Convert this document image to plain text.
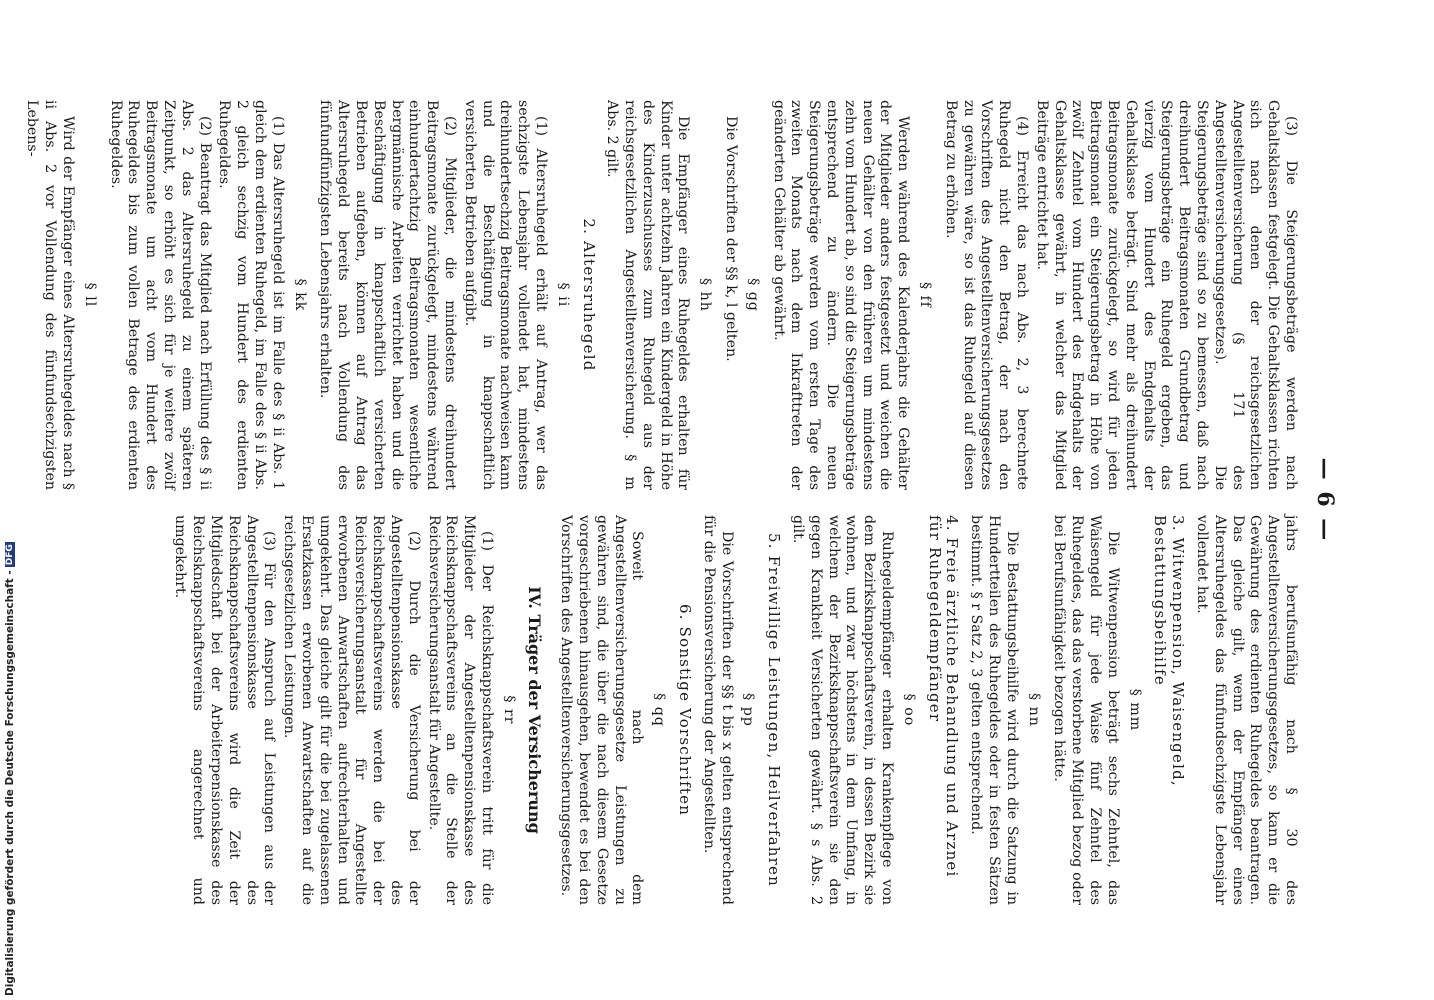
— 6 —

(3) Die Steigerungsbeträge werden nach Gehaltsklassen festgelegt. Die Gehaltsklassen richten sich nach denen der reichsgesetzlichen Angestelltenversicherung (§ 171 des Angestelltenversicherungsgesetzes). Die Steigerungsbeträge sind so zu bemessen, daß nach dreihundert Beitragsmonaten Grundbetrag und Steigerungsbeträge ein Ruhegeld ergeben, das vierzig vom Hundert des Endgehalts der Gehaltsklasse beträgt. Sind mehr als dreihundert Beitragsmonate zurückgelegt, so wird für jeden Beitragsmonat ein Steigerungsbetrag in Höhe von zwölf Zehntel vom Hundert des Endgehalts der Gehaltsklasse gewährt, in welcher das Mitglied Beiträge entrichtet hat.

(4) Erreicht das nach Abs. 2, 3 berechnete Ruhegeld nicht den Betrag, der nach den Vorschriften des Angestelltenversicherungsgesetzes zu gewähren wäre, so ist das Ruhegeld auf diesen Betrag zu erhöhen.

§ ff

Werden während des Kalenderjahrs die Gehälter der Mitglieder anders festgesetzt und weichen die neuen Gehälter von den früheren um mindestens zehn vom Hundert ab, so sind die Steigerungsbeträge entsprechend zu ändern. Die neuen Steigerungsbeträge werden vom ersten Tage des zweiten Monats nach dem Inkrafttreten der geänderten Gehälter ab gewährt.

§ gg

Die Vorschriften der §§ k, l gelten.

§ hh

Die Empfänger eines Ruhegeldes erhalten für Kinder unter achtzehn Jahren ein Kindergeld in Höhe des Kinderzuschusses zum Ruhegeld aus der reichsgesetzlichen Angestelltenversicherung. § m Abs. 2 gilt.

2. Altersruhegeld
§ ii

(1) Altersruhegeld erhält auf Antrag, wer das sechzigste Lebensjahr vollendet hat, mindestens dreihundertsechzig Beitragsmonate nachweisen kann und die Beschäftigung in knappschaftlich versicherten Betrieben aufgibt.

(2) Mitglieder, die mindestens dreihundert Beitragsmonate zurückgelegt, mindestens während einhundertachtzig Beitragsmonaten wesentliche bergmännische Arbeiten verrichtet haben und die Beschäftigung in knappschaftlich versicherten Betrieben aufgeben, können auf Antrag das Altersruhegeld bereits nach Vollendung des fünfundfünfzigsten Lebensjahrs erhalten.

§ kk

(1) Das Altersruhegeld ist im Falle des § ii Abs. 1 gleich dem erdienten Ruhegeld, im Falle des § ii Abs. 2 gleich sechzig vom Hundert des erdienten Ruhegeldes.

(2) Beantragt das Mitglied nach Erfüllung des § ii Abs. 2 das Altersruhegeld zu einem späteren Zeitpunkt, so erhöht es sich für je weitere zwölf Beitragsmonate um acht vom Hundert des Ruhegeldes bis zum vollen Betrage des erdienten Ruhegeldes.

§ ll

Wird der Empfänger eines Altersruhegeldes nach § ii Abs. 2 vor Vollendung des fünfundsechzigsten Lebens-

jahrs berufsunfähig nach § 30 des Angestelltenversicherungsgesetzes, so kann er die Gewährung des erdienten Ruhegeldes beantragen. Das gleiche gilt, wenn der Empfänger eines Altersruhegeldes das fünfundsechzigste Lebensjahr vollendet hat.

3. Witwenpension, Waisengeld, Bestattungsbeihilfe
§ mm

Die Witwenpension beträgt sechs Zehntel, das Waisengeld für jede Waise fünf Zehntel des Ruhegeldes, das das verstorbene Mitglied bezog oder bei Berufsunfähigkeit bezogen hätte.

§ nn

Die Bestattungsbeihilfe wird durch die Satzung in Hundertteilen des Ruhegeldes oder in festen Sätzen bestimmt. § r Satz 2, 3 gelten entsprechend.

4. Freie ärztliche Behandlung und Arznei für Ruhegeldempfänger
§ oo

Ruhegeldempfänger erhalten Krankenpflege von dem Bezirksknappschaftsverein, in dessen Bezirk sie wohnen, und zwar höchstens in dem Umfang, in welchem der Bezirksknappschaftsverein sie den gegen Krankheit Versicherten gewährt. § s Abs. 2 gilt.

5. Freiwillige Leistungen, Heilverfahren
§ pp

Die Vorschriften der §§ t bis x gelten entsprechend für die Pensionsversicherung der Angestellten.

6. Sonstige Vorschriften
§ qq

Soweit nach dem Angestelltenversicherungsgesetze Leistungen zu gewähren sind, die über die nach diesem Gesetze vorgeschriebenen hinausgehen, bewendet es bei den Vorschriften des Angestelltenversicherungsgesetzes.

IV. Träger der Versicherung
§ rr

(1) Der Reichsknappschaftsverein tritt für die Mitglieder der Angestelltenpensionskasse des Reichsknappschaftsvereins an die Stelle der Reichsversicherungsanstalt für Angestellte.

(2) Durch die Versicherung bei der Angestelltenpensionskasse des Reichsknappschaftsvereins werden die bei der Reichsversicherungsanstalt für Angestellte erworbenen Anwartschaften aufrechterhalten und umgekehrt. Das gleiche gilt für die bei zugelassenen Ersatzkassen erworbenen Anwartschaften auf die reichsgesetzlichen Leistungen.

(3) Für den Anspruch auf Leistungen aus der Angestelltenpensionskasse des Reichsknappschaftsvereins wird die Zeit der Mitgliedschaft bei der Arbeiterpensionskasse des Reichsknappschaftsvereins angerechnet und umgekehrt.

Digitalisierung gefördert durch die Deutsche Forschungsgemeinschaft -DFG
